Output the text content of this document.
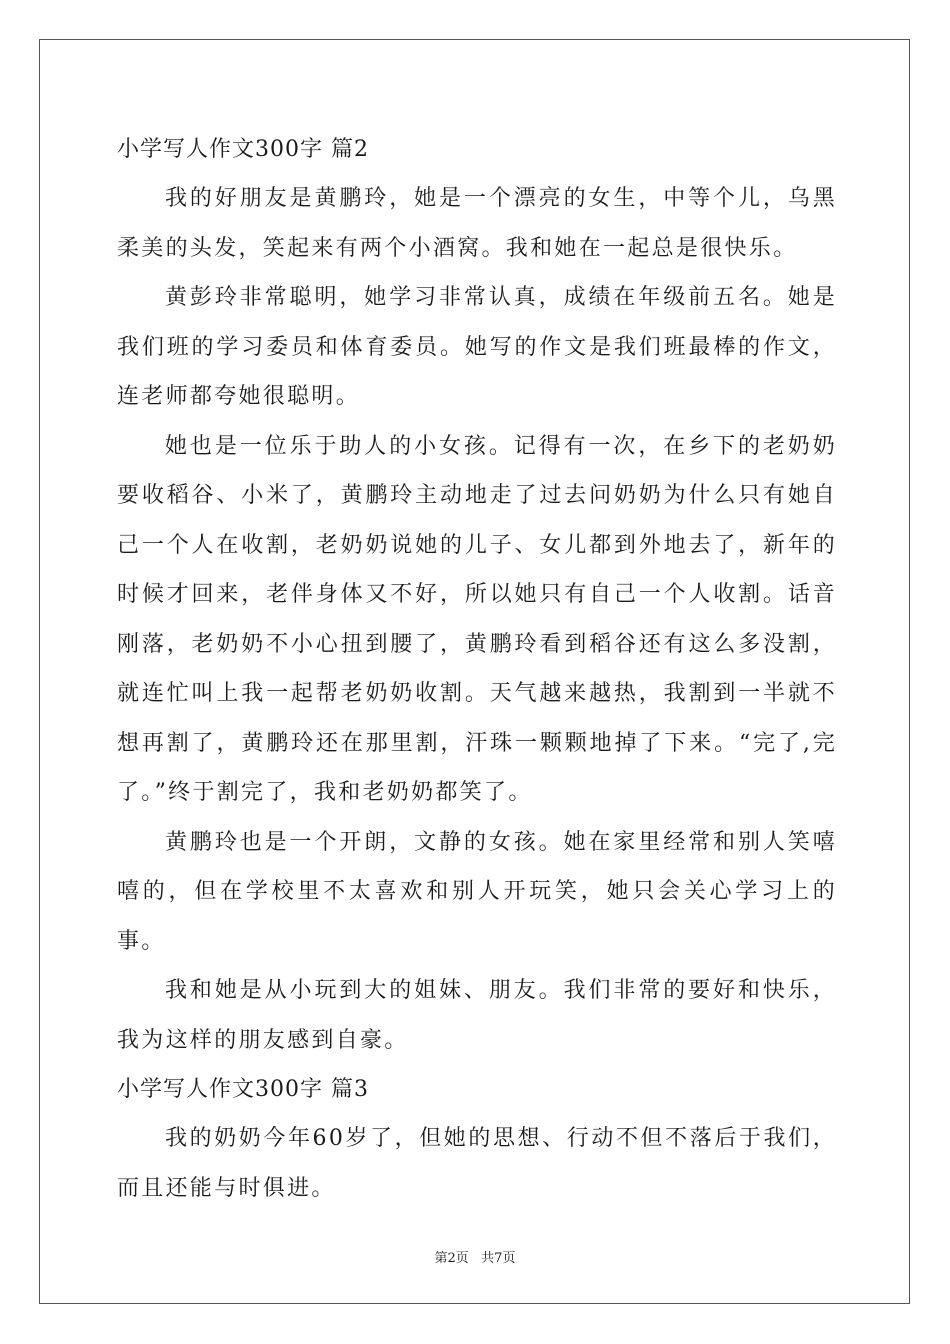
小学写人作文300字 篇2

我的好朋友是黄鹏玲，她是一个漂亮的女生，中等个儿，乌黑柔美的头发，笑起来有两个小酒窝。我和她在一起总是很快乐。

黄彭玲非常聪明，她学习非常认真，成绩在年级前五名。她是我们班的学习委员和体育委员。她写的作文是我们班最棒的作文，连老师都夸她很聪明。

她也是一位乐于助人的小女孩。记得有一次，在乡下的老奶奶要收稻谷、小米了，黄鹏玲主动地走了过去问奶奶为什么只有她自己一个人在收割，老奶奶说她的儿子、女儿都到外地去了，新年的时候才回来，老伴身体又不好，所以她只有自己一个人收割。话音刚落，老奶奶不小心扭到腰了，黄鹏玲看到稻谷还有这么多没割，就连忙叫上我一起帮老奶奶收割。天气越来越热，我割到一半就不想再割了，黄鹏玲还在那里割，汗珠一颗颗地掉了下来。“完了,完了。”终于割完了，我和老奶奶都笑了。

黄鹏玲也是一个开朗，文静的女孩。她在家里经常和别人笑嘻嘻的，但在学校里不太喜欢和别人开玩笑，她只会关心学习上的事。

我和她是从小玩到大的姐妹、朋友。我们非常的要好和快乐，我为这样的朋友感到自豪。

小学写人作文300字 篇3

我的奶奶今年60岁了，但她的思想、行动不但不落后于我们，而且还能与时俱进。

第2页   共7页
